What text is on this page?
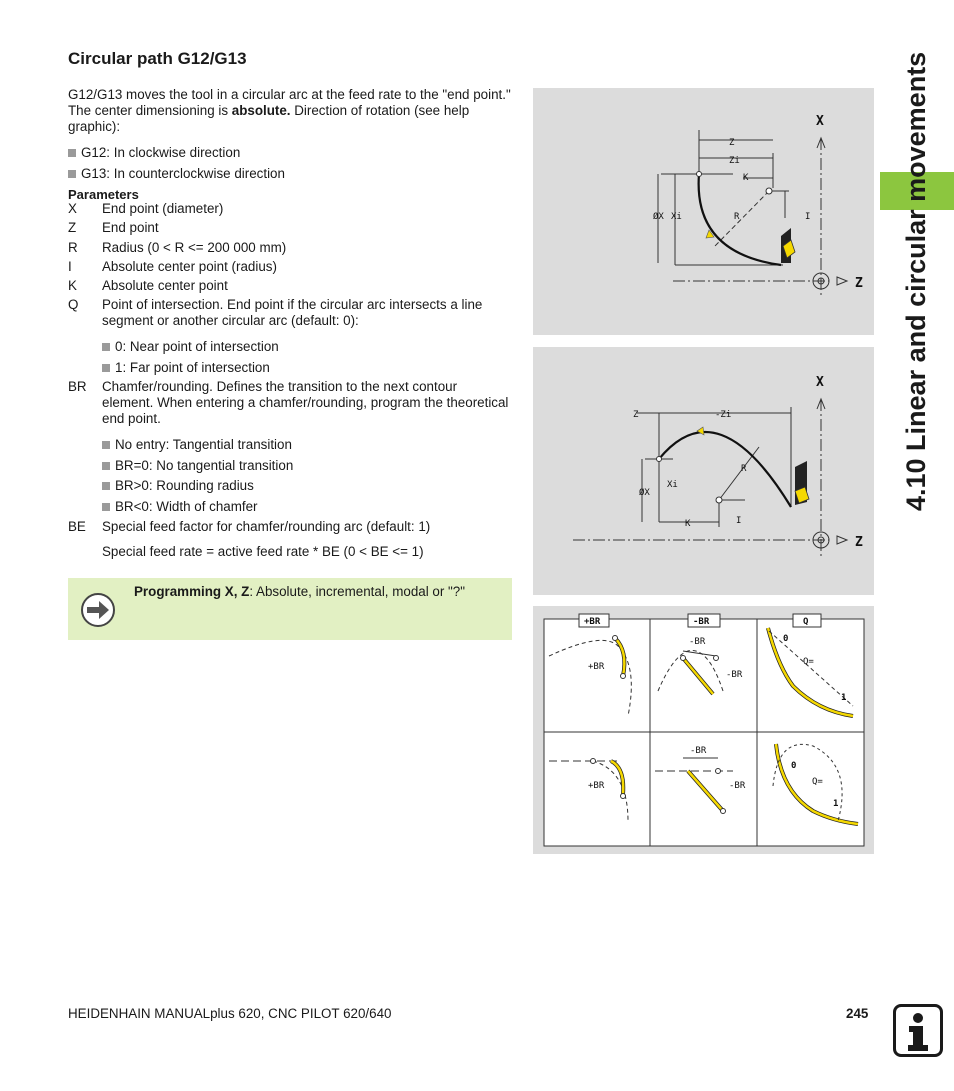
Circular path G12/G13
G12/G13 moves the tool in a circular arc at the feed rate to the "end point." The center dimensioning is absolute. Direction of rotation (see help graphic):
G12: In clockwise direction
G13: In counterclockwise direction
Parameters
X	End point (diameter)
Z	End point
R	Radius (0 < R <= 200 000 mm)
I	Absolute center point (radius)
K	Absolute center point
Q	Point of intersection. End point if the circular arc intersects a line segment or another circular arc (default: 0):
0: Near point of intersection
1: Far point of intersection
BR	Chamfer/rounding. Defines the transition to the next contour element. When entering a chamfer/rounding, program the theoretical end point.
No entry: Tangential transition
BR=0: No tangential transition
BR>0: Rounding radius
BR<0: Width of chamfer
BE	Special feed factor for chamfer/rounding arc (default: 1)
Special feed rate = active feed rate * BE (0 < BE <= 1)
Programming X, Z: Absolute, incremental, modal or "?"
X
Z
Z
Zi
K
ØX Xi	R	I
X
Z
Z	-Zi
K
ØX
Xi
R
I
+BR	-BR	Q
+BR
-BR
-BR
0
Q=
1
+BR
-BR
-BR
0
Q=
1
4.10 Linear and circular movements
HEIDENHAIN MANUALplus 620, CNC PILOT 620/640	245
